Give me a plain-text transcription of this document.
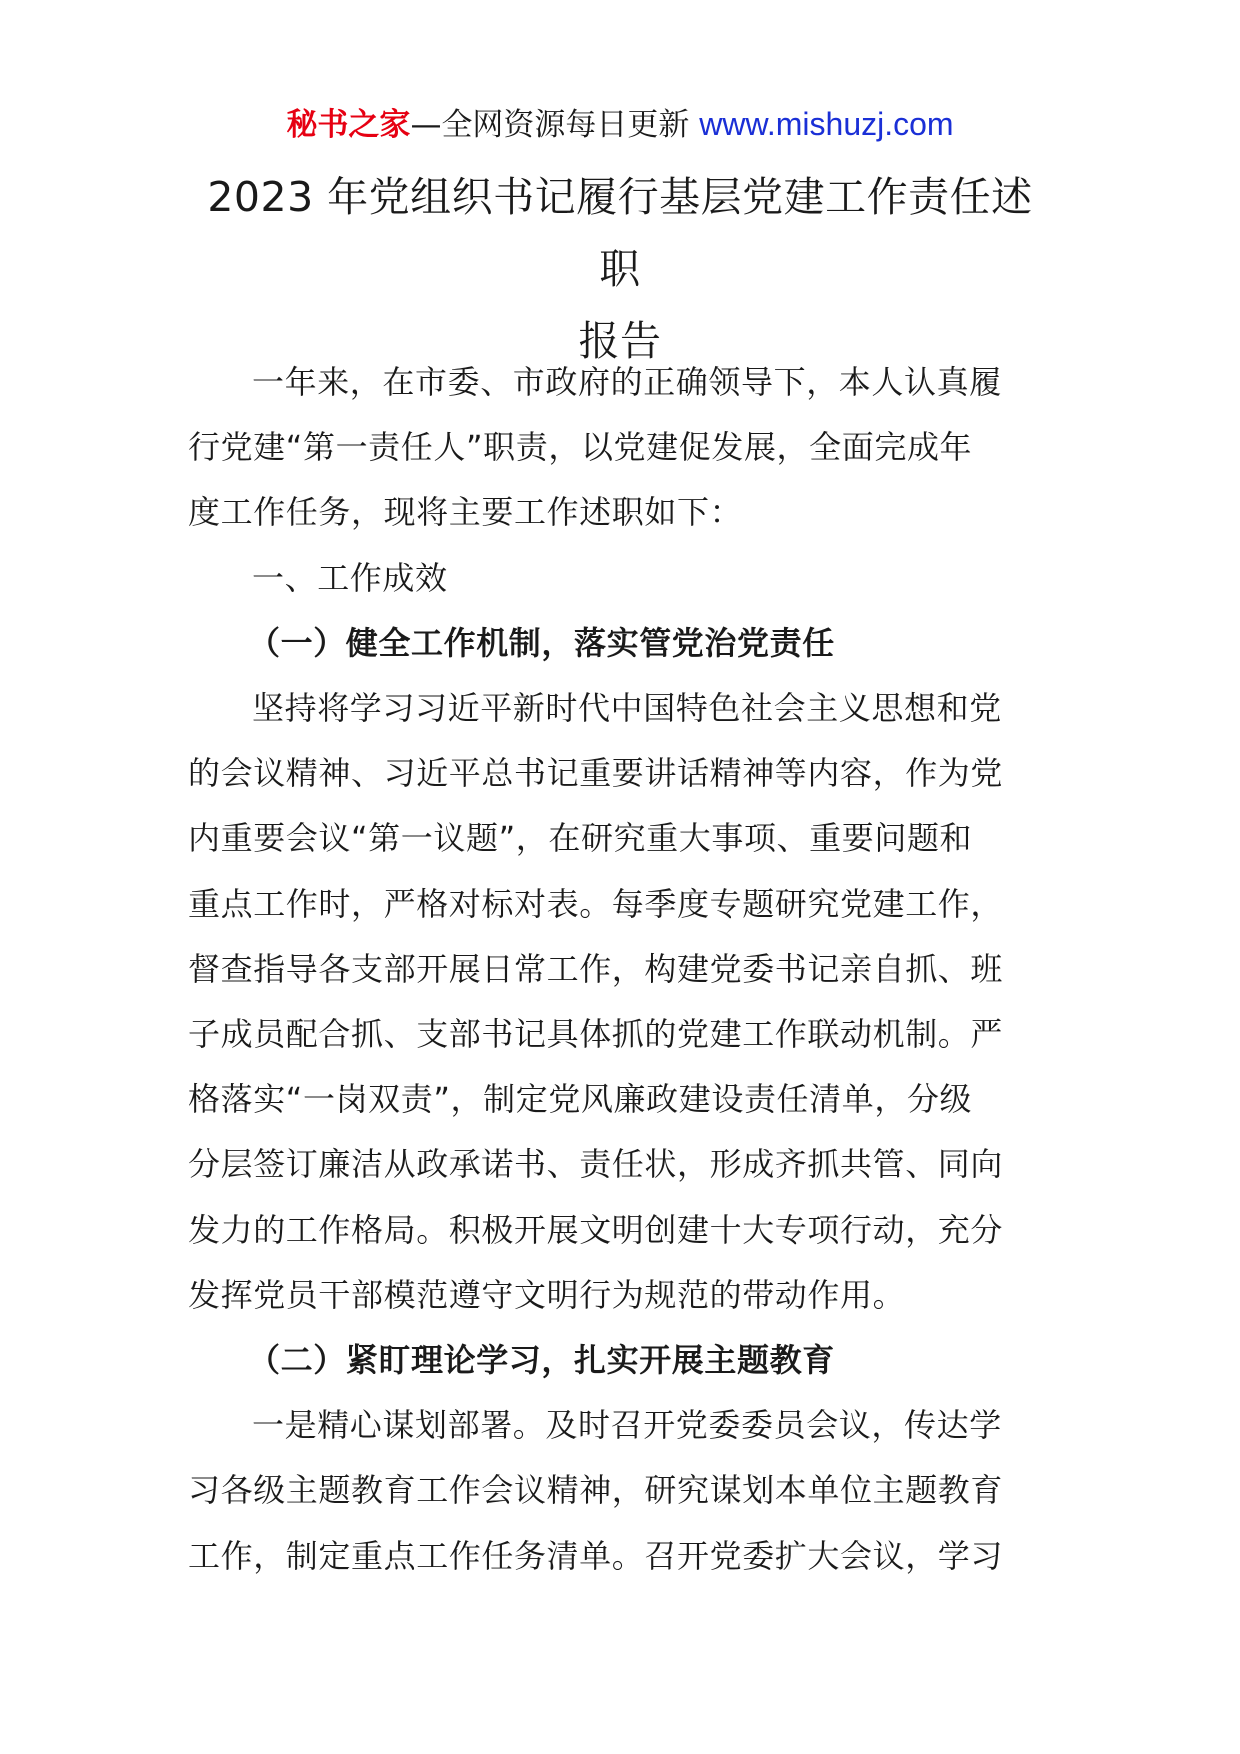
秘书之家—全网资源每日更新 www.mishuzj.com
2023 年党组织书记履行基层党建工作责任述职
报告
一年来，在市委、市政府的正确领导下，本人认真履
行党建“第一责任人”职责，以党建促发展，全面完成年
度工作任务，现将主要工作述职如下：
一、工作成效
（一）健全工作机制，落实管党治党责任
坚持将学习习近平新时代中国特色社会主义思想和党
的会议精神、习近平总书记重要讲话精神等内容，作为党
内重要会议“第一议题”，在研究重大事项、重要问题和
重点工作时，严格对标对表。每季度专题研究党建工作，
督查指导各支部开展日常工作，构建党委书记亲自抓、班
子成员配合抓、支部书记具体抓的党建工作联动机制。严
格落实“一岗双责”，制定党风廉政建设责任清单，分级
分层签订廉洁从政承诺书、责任状，形成齐抓共管、同向
发力的工作格局。积极开展文明创建十大专项行动，充分
发挥党员干部模范遵守文明行为规范的带动作用。
（二）紧盯理论学习，扎实开展主题教育
一是精心谋划部署。及时召开党委委员会议，传达学
习各级主题教育工作会议精神，研究谋划本单位主题教育
工作，制定重点工作任务清单。召开党委扩大会议，学习
